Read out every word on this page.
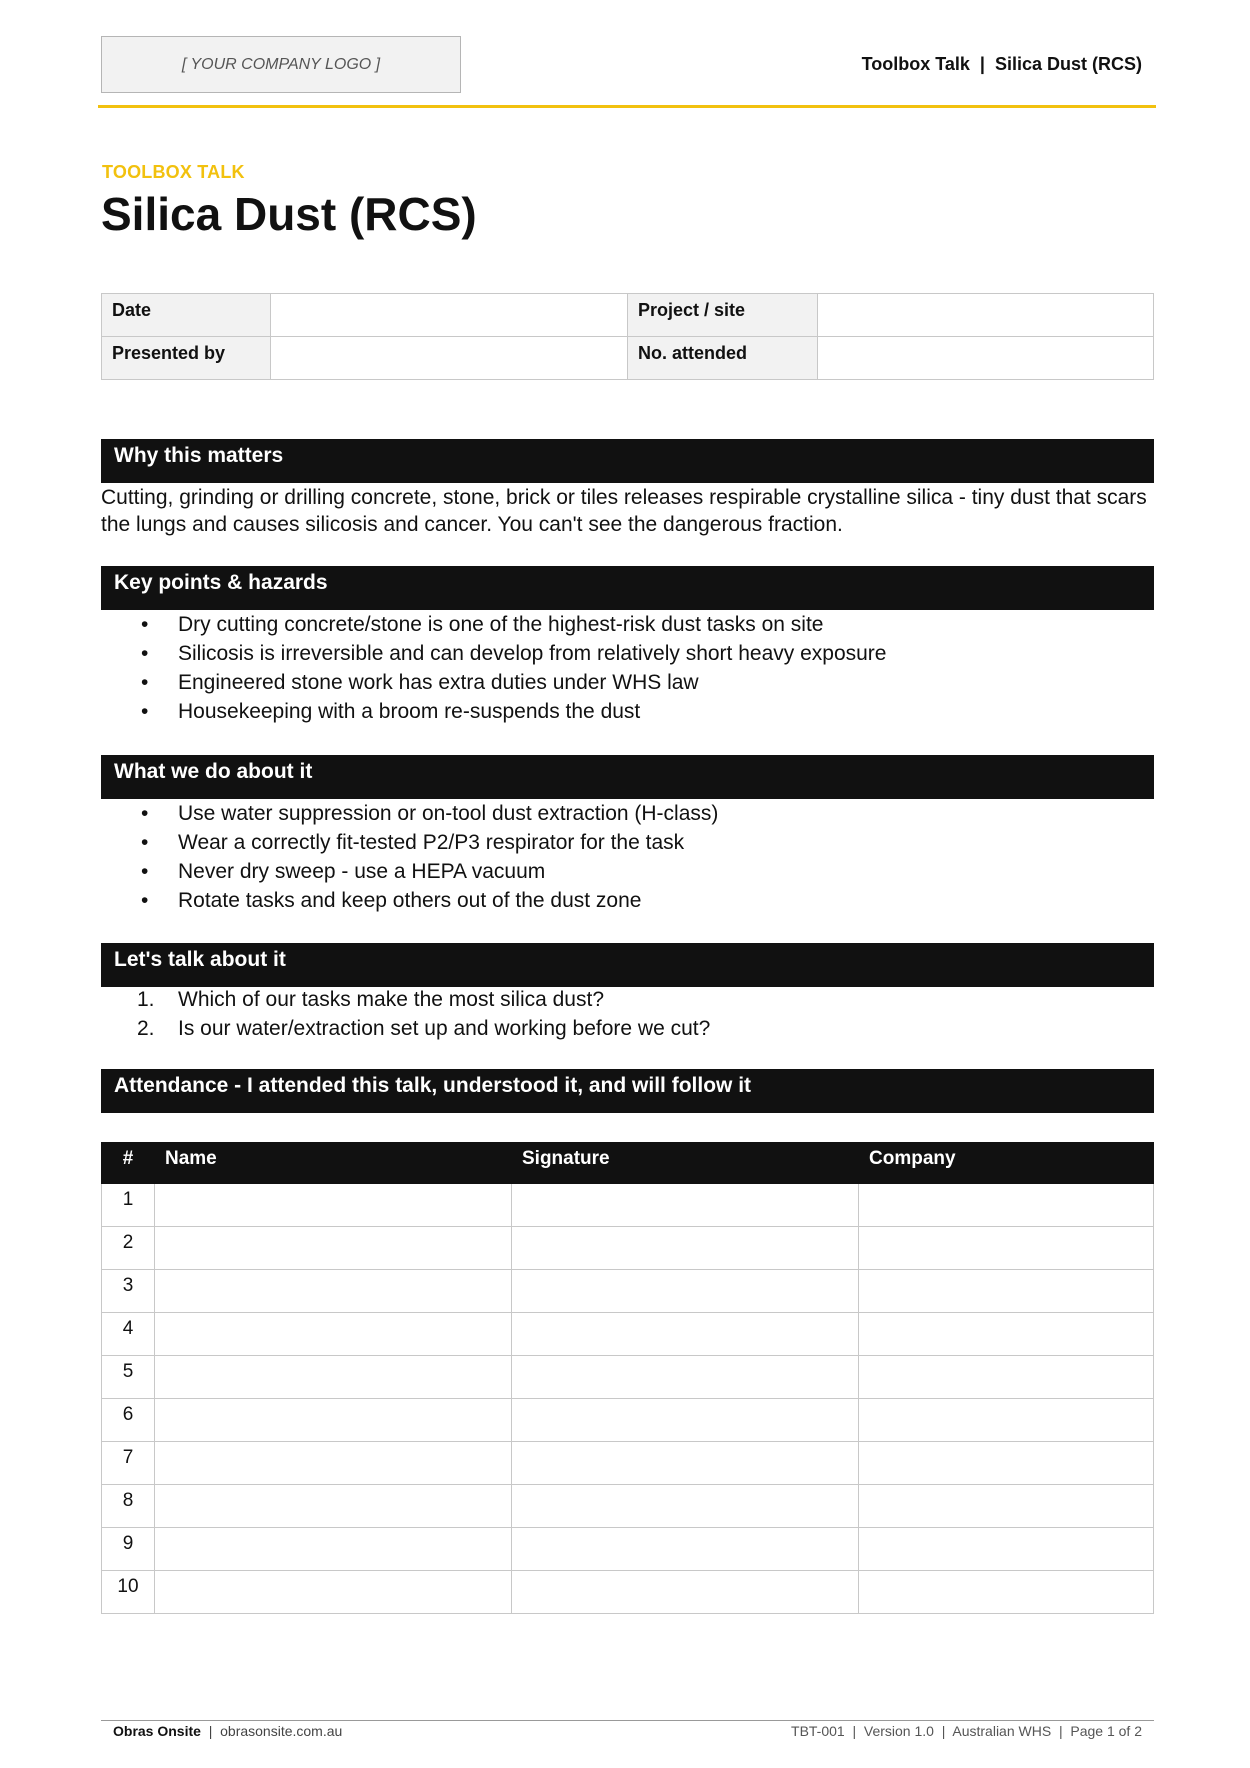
[ YOUR COMPANY LOGO ]	Toolbox Talk  |  Silica Dust (RCS)
TOOLBOX TALK
Silica Dust (RCS)
Date		Project / site	
Presented by		No. attended	
Why this matters

Cutting, grinding or drilling concrete, stone, brick or tiles releases respirable crystalline silica - tiny dust that scars the lungs and causes silicosis and cancer. You can't see the dangerous fraction.

Key points & hazards
•	Dry cutting concrete/stone is one of the highest-risk dust tasks on site
•	Silicosis is irreversible and can develop from relatively short heavy exposure
•	Engineered stone work has extra duties under WHS law
•	Housekeeping with a broom re-suspends the dust
What we do about it
•	Use water suppression or on-tool dust extraction (H-class)
•	Wear a correctly fit-tested P2/P3 respirator for the task
•	Never dry sweep - use a HEPA vacuum
•	Rotate tasks and keep others out of the dust zone
Let's talk about it
1.	Which of our tasks make the most silica dust?
2.	Is our water/extraction set up and working before we cut?
Attendance - I attended this talk, understood it, and will follow it
#	Name	Signature	Company
1			
2			
3			
4			
5			
6			
7			
8			
9			
10			
Obras Onsite  |  obrasonsite.com.au	TBT-001  |  Version 1.0  |  Australian WHS  |  Page 1 of 2
